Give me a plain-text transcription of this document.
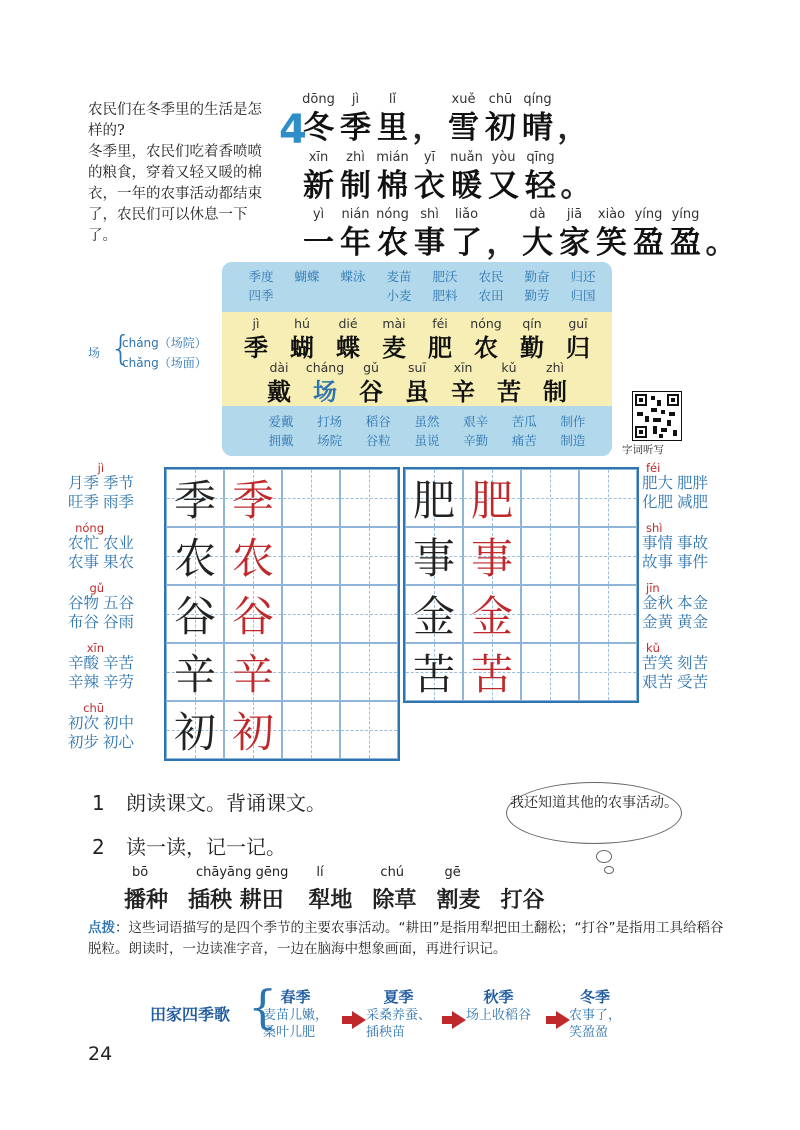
农民们在冬季里的生活是怎样的?
冬季里，农民们吃着香喷喷的粮食，穿着又轻又暖的棉衣，一年的农事活动都结束了，农民们可以休息一下了。
4
dōng
冬
jì
季
lǐ
里 ，
xuě
雪
chū
初
qíng
晴 ，
xīn
新
zhì
制
mián
棉
yī
衣
nuǎn
暖
yòu
又
qīng
轻 。
yì
一
nián
年
nóng
农
shì
事
liǎo
了 ，
dà
大
jiā
家
xiào
笑
yíng
盈
yíng
盈 。
场 {
cháng（场院）
chǎng（场面）
季度
四季
蝴蝶	蝶泳	麦苗
小麦
肥沃
肥料
农民
农田
勤奋
勤劳
归还
归国
jì
季
hú
蝴
dié
蝶
mài
麦
féi
肥
nóng
农
qín
勤
guī
归
dài
戴
cháng
场
gǔ
谷
suī
虽
xīn
辛
kǔ
苦
zhì
制
爱戴
拥戴
打场
场院
稻谷
谷粒
虽然
虽说
艰辛
辛勤
苦瓜
痛苦
制作
制造
字词听写
季 季
农 农
谷 谷
辛 辛
初 初
肥 肥
事 事
金 金
苦 苦
jì
月季 季节
旺季 雨季
nóng
农忙 农业
农事 果农
gǔ
谷物 五谷
布谷 谷雨
xīn
辛酸 辛苦
辛辣 辛劳
chū
初次 初中
初步 初心
féi
肥大 肥胖
化肥 减肥
shì
事情 事故
故事 事件
jīn
金秋 本金
金黄 黄金
kǔ
苦笑 刻苦
艰苦 受苦
1 朗读课文。背诵课文。
2 读一读，记一记。
我还知道其他的农事活动。
bō
播种
chāyāng gēng
插秧 耕田
lí
犁地
chú
除草
gē
割麦 打谷
点拨：这些词语描写的是四个季节的主要农事活动。“耕田”是指用犁把田土翻松；“打谷”是指用工具给稻谷脱粒。朗读时，一边读准字音，一边在脑海中想象画面，再进行识记。
田家四季歌 { 春季
麦苗儿嫩，
桑叶儿肥
夏季
采桑养蚕、
插秧苗
秋季
场上收稻谷
冬季
农事了，
笑盈盈
24
